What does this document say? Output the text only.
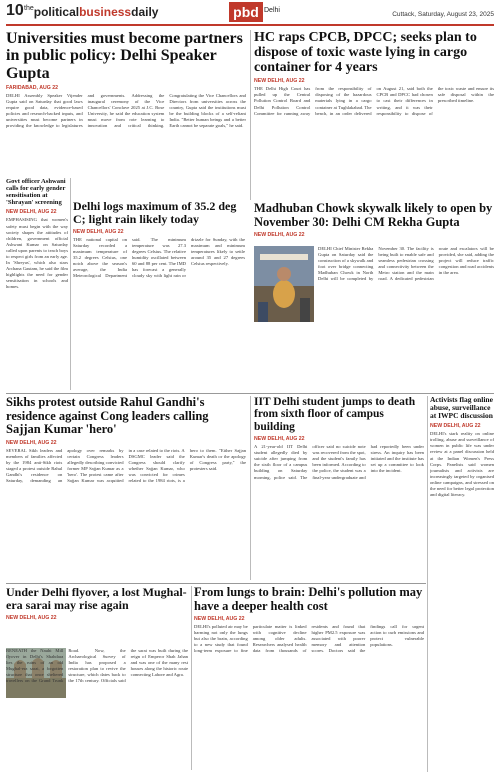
10 $^{the}$politicalbusinessdaily	pbd Delhi
Cuttack, Saturday, August 23, 2025
Universities must become partners in public policy: Delhi Speaker Gupta
FARIDABAD, AUG 22
DELHI Assembly Speaker Vijender Gupta said on Saturday that good laws require good data, evidence-based policies and research-backed inputs, and universities must become partners in providing the knowledge to legislatures and governments. Addressing the inaugural ceremony of the Vice Chancellors' Conclave 2025 at J.C. Bose University, he said the education system must move from rote learning to innovation and critical thinking. Congratulating the Vice Chancellors and Directors from universities across the country, Gupta said the institutions must be the building blocks of a self-reliant India. "Better human beings and a better Earth cannot be separate goals," he said.
HC raps CPCB, DPCC; seeks plan to dispose of toxic waste lying in cargo container for 4 years
NEW DELHI, AUG 22
THE Delhi High Court has pulled up the Central Pollution Control Board and Delhi Pollution Control Committee for running away from the responsibility of disposing of the hazardous materials lying in a cargo container at Tughlakabad. The bench, in an order delivered on August 21, said both the CPCB and DPCC had chosen to cast their differences in writing, and it was their responsibility to dispose of the toxic waste and ensure its safe disposal within the prescribed timeline.
Govt officer Ashwani calls for early gender sensitisation at 'Shrayan' screening
NEW DELHI, AUG 22
EMPHASISING that women's safety must begin with the way society shapes the attitudes of children, government official Ashwani Kumar on Saturday called upon parents to teach boys to respect girls from an early age. In 'Shreyas', which also stars Archana Gautam, he said the film highlights the need for gender sensitisation in schools and homes.
Delhi logs maximum of 35.2 deg C; light rain likely today
NEW DELHI, AUG 22
THE national capital on Saturday recorded a maximum temperature of 35.2 degrees Celsius, one notch above the season's average, the India Meteorological Department said. The minimum temperature was 27.3 degrees Celsius. The relative humidity oscillated between 60 and 88 per cent. The IMD has forecast a generally cloudy sky with light rain or drizzle for Sunday, with the maximum and minimum temperatures likely to settle around 35 and 27 degrees Celsius respectively.
Madhuban Chowk skywalk likely to open by November 30: Delhi CM Rekha Gupta
NEW DELHI, AUG 22
DELHI Chief Minister Rekha Gupta on Saturday said the construction of a skywalk and foot over bridge connecting Madhuban Chowk in North Delhi will be completed by November 30. The facility is being built to enable safe and seamless pedestrian crossing and connectivity between the Metro station and the main road. A dedicated pedestrian route and escalators will be provided, she said, adding the project will reduce traffic congestion and road accidents in the area.
Sikhs protest outside Rahul Gandhi's residence against Cong leaders calling Sajjan Kumar 'hero'
NEW DELHI, AUG 22
SEVERAL Sikh leaders and members of families affected by the 1984 anti-Sikh riots staged a protest outside Rahul Gandhi's residence on Saturday, demanding an apology over remarks by certain Congress leaders allegedly describing convicted former MP Sajjan Kumar as a 'hero'. The protest came after Sajjan Kumar was acquitted in a case related to the riots. A DSGMC leader said the Congress should clarify whether Sajjan Kumar, who was convicted for crimes related to the 1984 riots, is a hero to them. "Either Sajjan Kumar's death or the apology of Congress party," the protesters said.
IIT Delhi student jumps to death from sixth floor of campus building
NEW DELHI, AUG 22
A 21-year-old IIT Delhi student allegedly died by suicide after jumping from the sixth floor of a campus building on Saturday morning, police said. The officer said no suicide note was recovered from the spot, and the student's family has been informed. According to the police, the student was a final-year undergraduate and had reportedly been under stress. An inquiry has been initiated and the institute has set up a committee to look into the incident.
Activists flag online abuse, surveillance at IWPC discussion
NEW DELHI, AUG 22
DELHI's stark reality on online trolling, abuse and surveillance of women in public life was under review at a panel discussion held at the Indian Women's Press Corps. Panelists said women journalists and activists are increasingly targeted by organised online campaigns, and stressed on the need for better legal protection and digital literacy.
Under Delhi flyover, a lost Mughal-era sarai may rise again
NEW DELHI, AUG 22
BENEATH the Nauhi Mill flyover in Delhi's Shahdara lies the ruins of an old Mughal-era sarai, a forgotten structure that once sheltered travellers on the Grand Trunk Road. Now, the Archaeological Survey of India has proposed a restoration plan to revive the structure, which dates back to the 17th century. Officials said the sarai was built during the reign of Emperor Shah Jahan and was one of the many rest houses along the historic route connecting Lahore and Agra.
From lungs to brain: Delhi's pollution may have a deeper health cost
NEW DELHI, AUG 22
DELHI's polluted air may be harming not only the lungs but also the brain, according to a new study that found long-term exposure to fine particulate matter is linked with cognitive decline among older adults. Researchers analysed health data from thousands of residents and found that higher PM2.5 exposure was associated with poorer memory and attention scores. Doctors said the findings call for urgent action to curb emissions and protect vulnerable populations.
